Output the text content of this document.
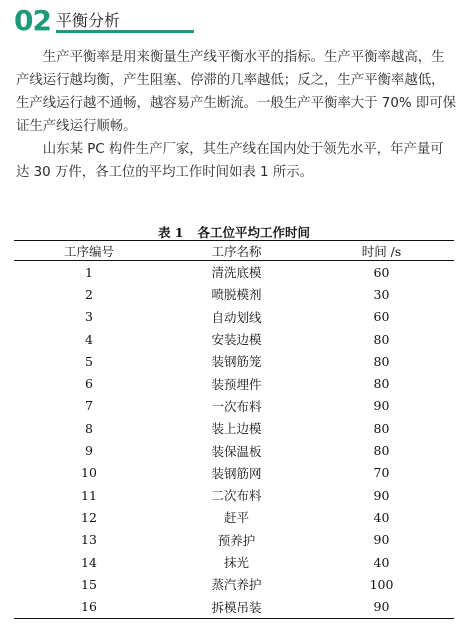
02 平衡分析

生产平衡率是用来衡量生产线平衡水平的指标。生产平衡率越高，生产线运行越均衡，产生阻塞、停滞的几率越低；反之，生产平衡率越低，生产线运行越不通畅，越容易产生断流。一般生产平衡率大于 70% 即可保证生产线运行顺畅。

山东某 PC 构件生产厂家，其生产线在国内处于领先水平，年产量可达 30 万件，各工位的平均工作时间如表 1 所示。

表 1 各工位平均工作时间
工序编号	工序名称	时间 /s
1	清洗底模	60
2	喷脱模剂	30
3	自动划线	60
4	安装边模	80
5	装钢筋笼	80
6	装预埋件	80
7	一次布料	90
8	装上边模	80
9	装保温板	80
10	装钢筋网	70
11	二次布料	90
12	赶平	40
13	预养护	90
14	抹光	40
15	蒸汽养护	100
16	拆模吊装	90
